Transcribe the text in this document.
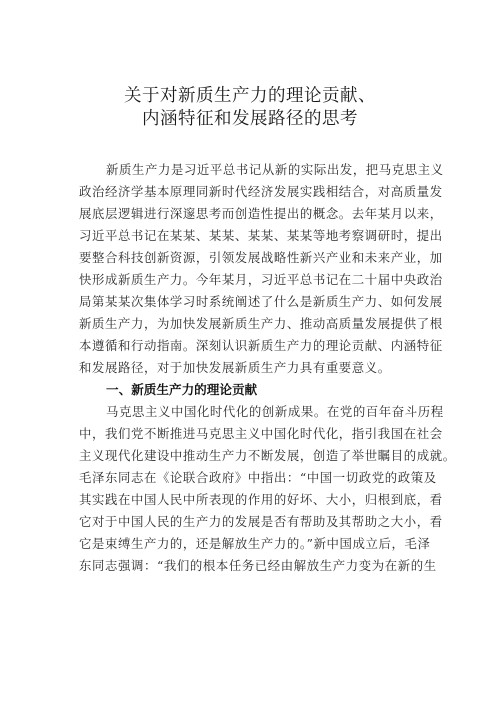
关于对新质生产力的理论贡献、
内涵特征和发展路径的思考
新质生产力是习近平总书记从新的实际出发，把马克思主义
政治经济学基本原理同新时代经济发展实践相结合，对高质量发
展底层逻辑进行深邃思考而创造性提出的概念。去年某月以来，
习近平总书记在某某、某某、某某、某某等地考察调研时，提出
要整合科技创新资源，引领发展战略性新兴产业和未来产业，加
快形成新质生产力。今年某月，习近平总书记在二十届中央政治
局第某某次集体学习时系统阐述了什么是新质生产力、如何发展
新质生产力，为加快发展新质生产力、推动高质量发展提供了根
本遵循和行动指南。深刻认识新质生产力的理论贡献、内涵特征
和发展路径，对于加快发展新质生产力具有重要意义。
一、新质生产力的理论贡献
马克思主义中国化时代化的创新成果。在党的百年奋斗历程
中，我们党不断推进马克思主义中国化时代化，指引我国在社会
主义现代化建设中推动生产力不断发展，创造了举世瞩目的成就。
毛泽东同志在《论联合政府》中指出：“中国一切政党的政策及
其实践在中国人民中所表现的作用的好坏、大小，归根到底，看
它对于中国人民的生产力的发展是否有帮助及其帮助之大小，看
它是束缚生产力的，还是解放生产力的。”新中国成立后，毛泽
东同志强调：“我们的根本任务已经由解放生产力变为在新的生
